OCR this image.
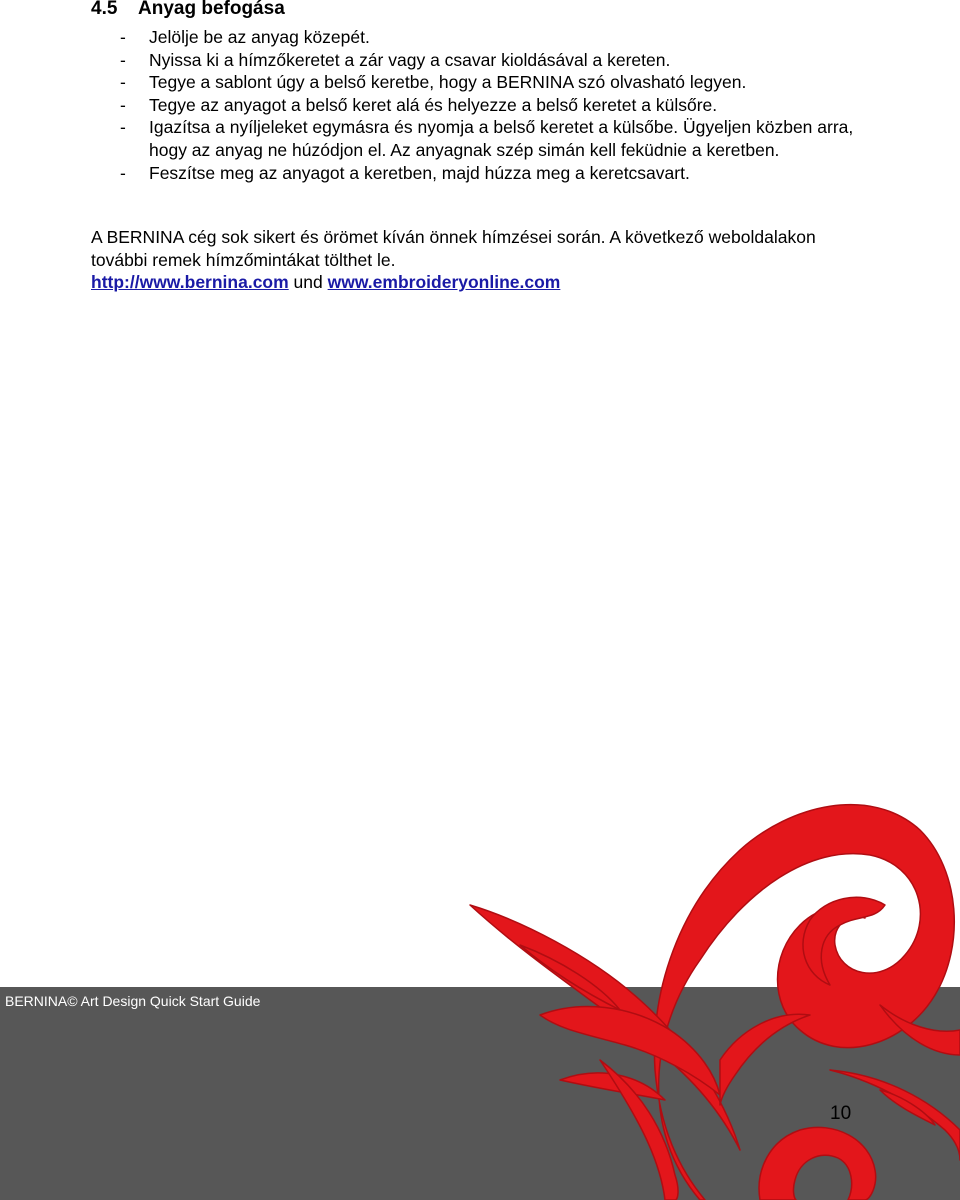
4.5 Anyag befogása
- Jelölje be az anyag közepét.
- Nyissa ki a hímzőkeretet a zár vagy a csavar kioldásával a kereten.
- Tegye a sablont úgy a belső keretbe, hogy a BERNINA szó olvasható legyen.
- Tegye az anyagot a belső keret alá és helyezze a belső keretet a külsőre.
- Igazítsa a nyíljeleket egymásra és nyomja a belső keretet a külsőbe. Ügyeljen közben arra, hogy az anyag ne húzódjon el. Az anyagnak szép simán kell feküdnie a keretben.
- Feszítse meg az anyagot a keretben, majd húzza meg a keretcsavart.

A BERNINA cég sok sikert és örömet kíván önnek hímzései során. A következő weboldalakon további remek hímzőmintákat tölthet le.

http://www.bernina.com und www.embroideryonline.com

BERNINA© Art Design Quick Start Guide
10
